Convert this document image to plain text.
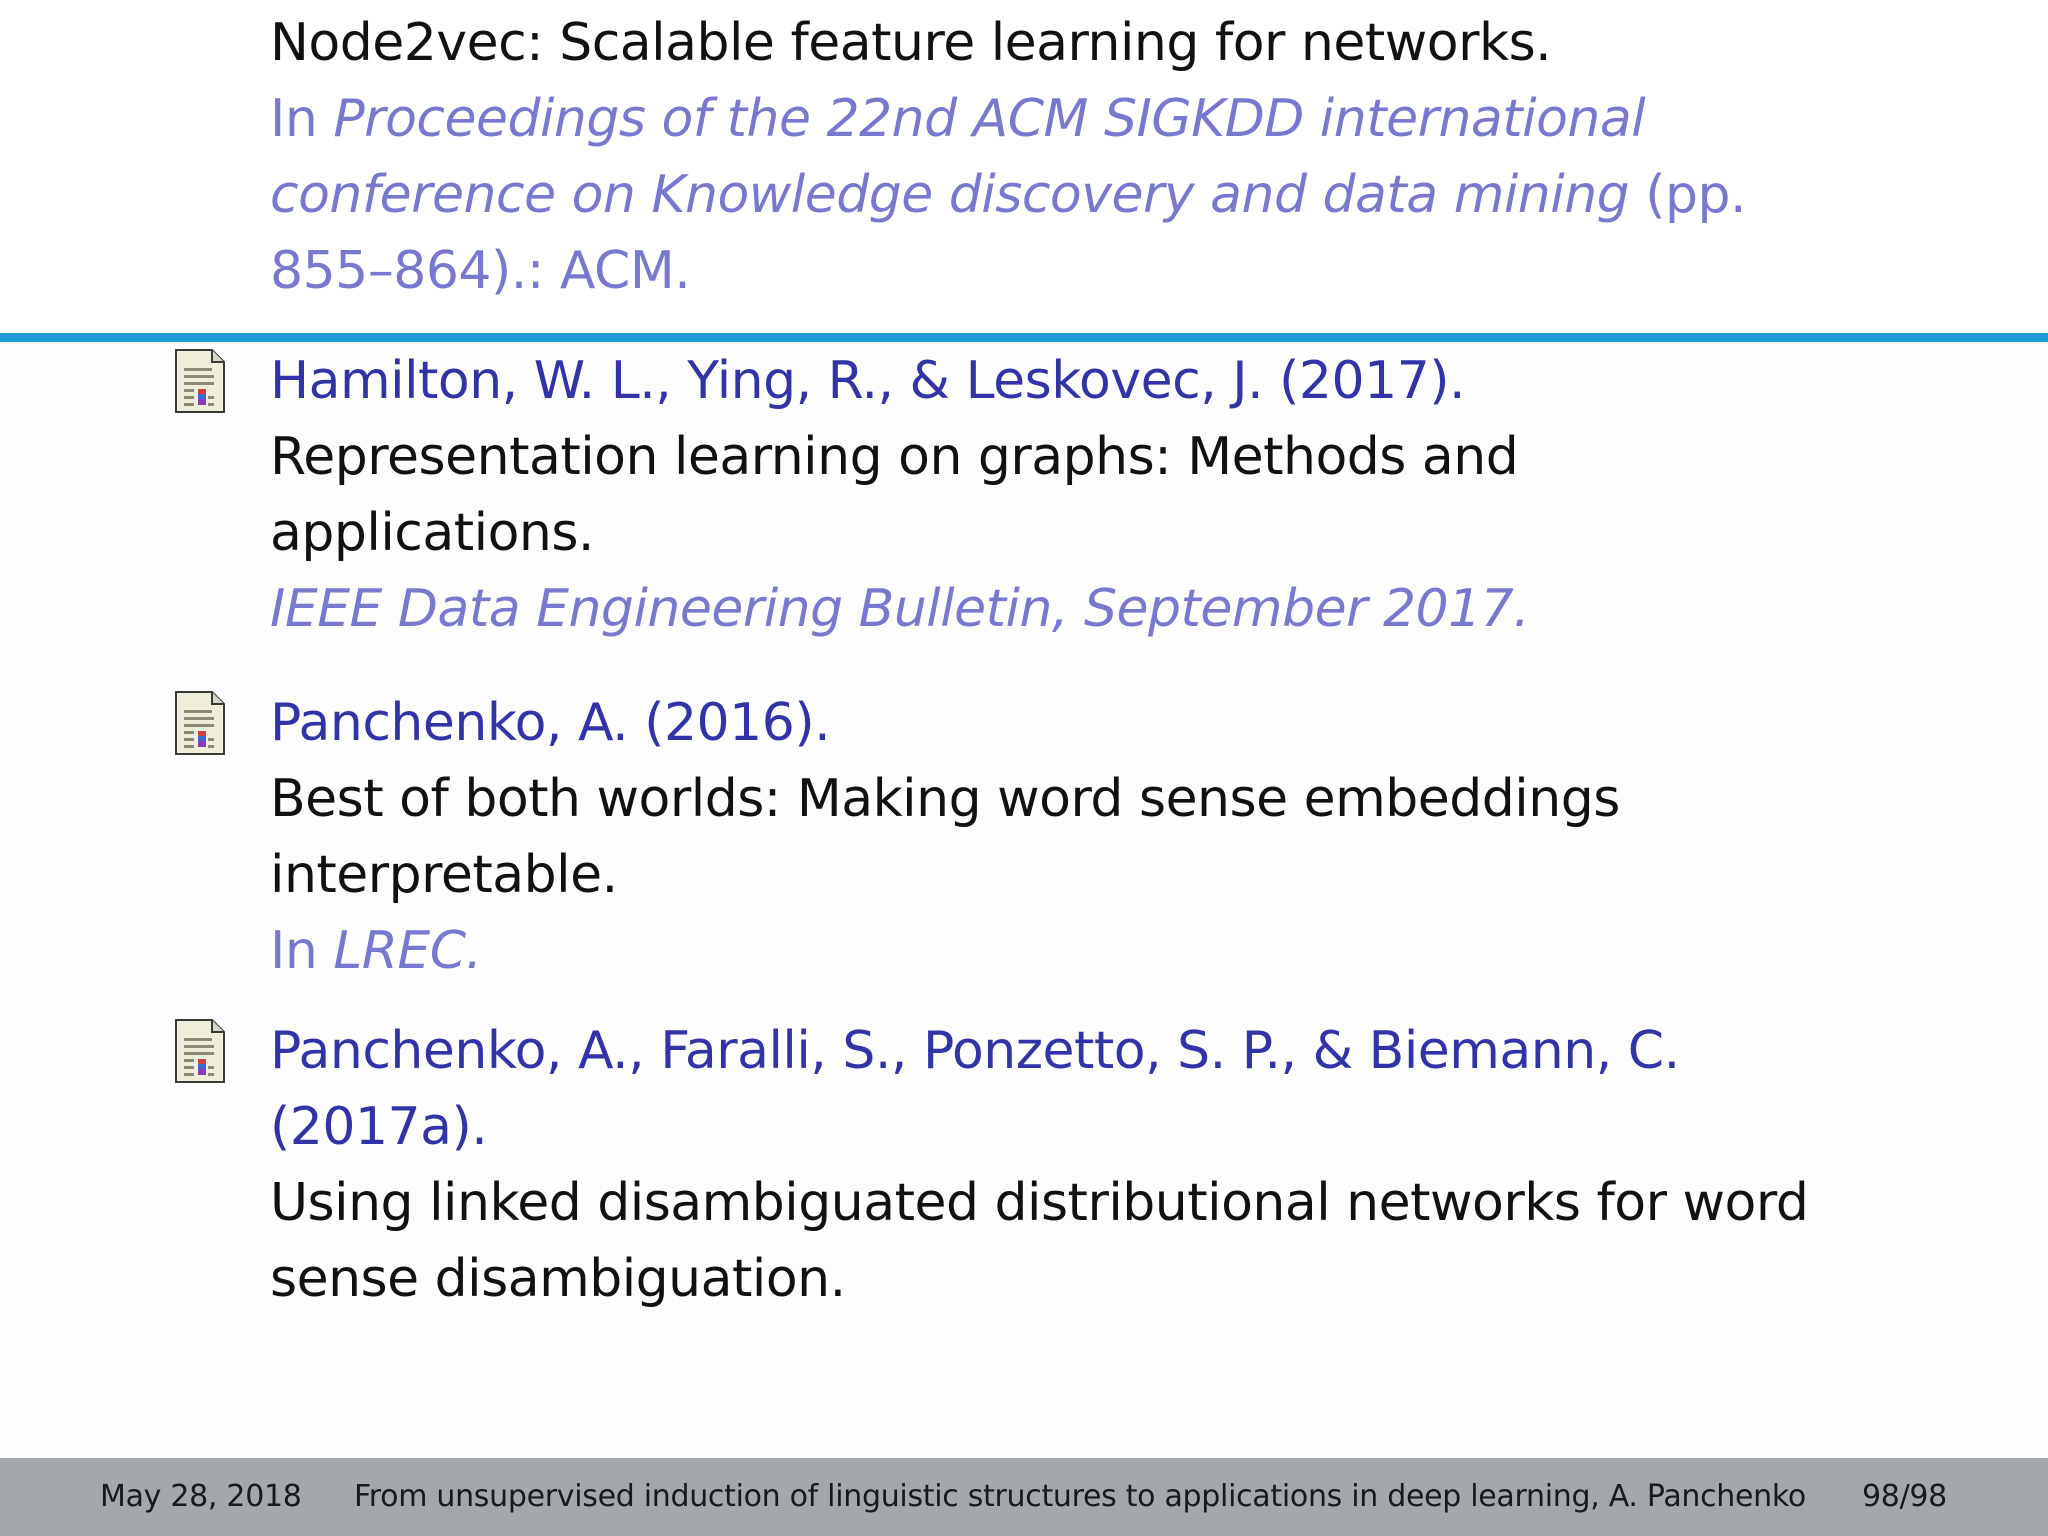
Node2vec: Scalable feature learning for networks.
In Proceedings of the 22nd ACM SIGKDD international
conference on Knowledge discovery and data mining (pp.
855–864).: ACM.
Hamilton, W. L., Ying, R., & Leskovec, J. (2017).
Representation learning on graphs: Methods and
applications.
IEEE Data Engineering Bulletin, September 2017.
Panchenko, A. (2016).
Best of both worlds: Making word sense embeddings
interpretable.
In LREC.
Panchenko, A., Faralli, S., Ponzetto, S. P., & Biemann, C.
(2017a).
Using linked disambiguated distributional networks for word
sense disambiguation.
May 28, 2018 From unsupervised induction of linguistic structures to applications in deep learning, A. Panchenko 98/98
